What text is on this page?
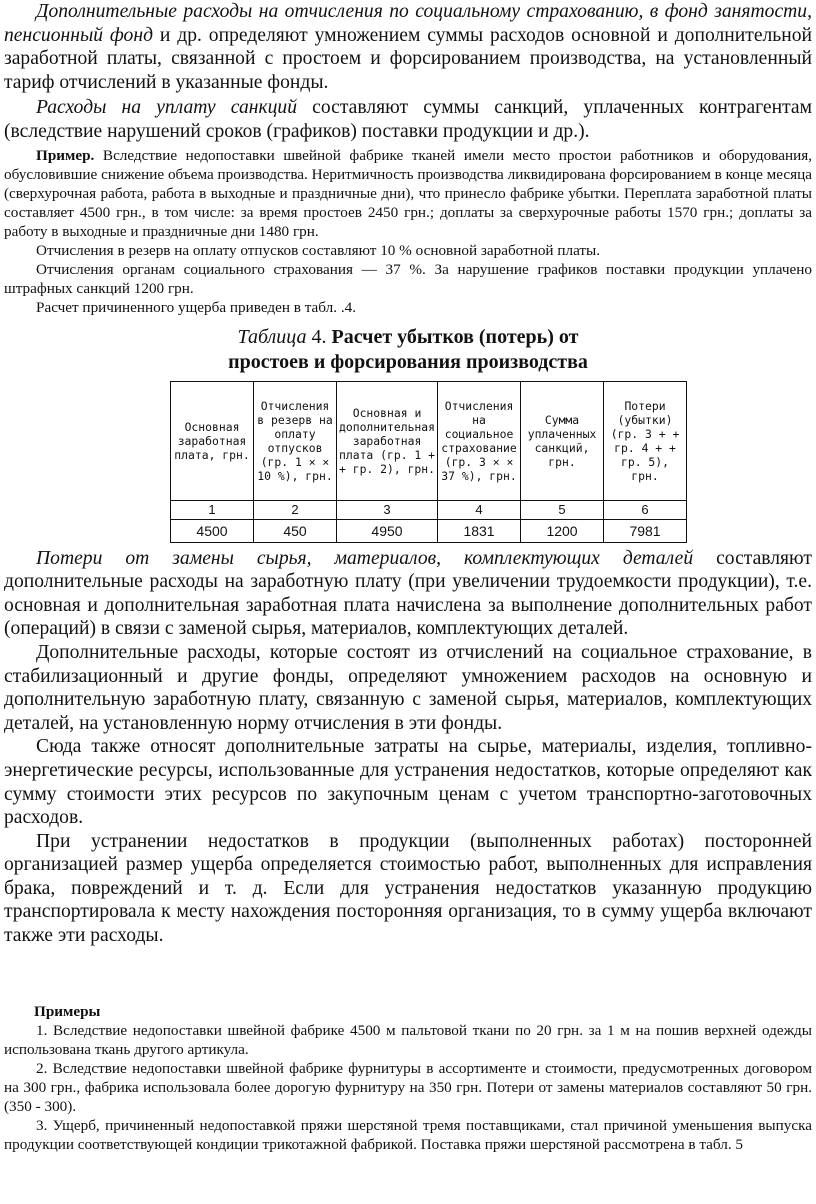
Дополнительные расходы на отчисления по социальному страхованию, в фонд занятости, пенсионный фонд и др. определяют умножением суммы расходов основной и дополнительной заработной платы, связанной с простоем и форсированием производства, на установленный тариф отчислений в указанные фонды.

Расходы на уплату санкций составляют суммы санкций, уплаченных контрагентам (вследствие нарушений сроков (графиков) поставки продукции и др.).

Пример. Вследствие недопоставки швейной фабрике тканей имели место простои работников и оборудования, обусловившие снижение объема производства. Неритмичность производства ликвидирована форсированием в конце месяца (сверхурочная работа, работа в выходные и праздничные дни), что принесло фабрике убытки. Переплата заработной платы составляет 4500 грн., в том числе: за время простоев 2450 грн.; доплаты за сверхурочные работы 1570 грн.; доплаты за работу в выходные и праздничные дни 1480 грн.

Отчисления в резерв на оплату отпусков составляют 10 % основной заработной платы.

Отчисления органам социального страхования — 37 %. За нарушение графиков поставки продукции уплачено штрафных санкций 1200 грн.

Расчет причиненного ущерба приведен в табл. .4.

Таблица 4. Расчет убытков (потерь) от
простоев и форсирования производства

Основная заработная плата, грн.	Отчисления в резерв на оплату отпусков (гр. 1 × × 10 %), грн.	Основная и дополнительная заработная плата (гр. 1 + + гр. 2), грн.	Отчисления на социальное страхование (гр. 3 × × 37 %), грн.	Сумма уплаченных санкций, грн.	Потери (убытки) (гр. 3 + + гр. 4 + + гр. 5), грн.
1	2	3	4	5	6
4500	450	4950	1831	1200	7981

Потери от замены сырья, материалов, комплектующих деталей составляют дополнительные расходы на заработную плату (при увеличении трудоемкости продукции), т.е. основная и дополнительная заработная плата начислена за выполнение дополнительных работ (операций) в связи с заменой сырья, материалов, комплектующих деталей.

Дополнительные расходы, которые состоят из отчислений на социальное страхование, в стабилизационный и другие фонды, определяют умножением расходов на основную и дополнительную заработную плату, связанную с заменой сырья, материалов, комплектующих деталей, на установленную норму отчисления в эти фонды.

Сюда также относят дополнительные затраты на сырье, материалы, изделия, топливно-энергетические ресурсы, использованные для устранения недостатков, которые определяют как сумму стоимости этих ресурсов по закупочным ценам с учетом транспортно-заготовочных расходов.

При устранении недостатков в продукции (выполненных работах) посторонней организацией размер ущерба определяется стоимостью работ, выполненных для исправления брака, повреждений и т. д. Если для устранения недостатков указанную продукцию транспортировала к месту нахождения посторонняя организация, то в сумму ущерба включают также эти расходы.

Примеры

1. Вследствие недопоставки швейной фабрике 4500 м пальтовой ткани по 20 грн. за 1 м на пошив верхней одежды использована ткань другого артикула.

2. Вследствие недопоставки швейной фабрике фурнитуры в ассортименте и стоимости, предусмотренных договором на 300 грн., фабрика использовала более дорогую фурнитуру на 350 грн. Потери от замены материалов составляют 50 грн. (350 - 300).

3. Ущерб, причиненный недопоставкой пряжи шерстяной тремя поставщиками, стал причиной уменьшения выпуска продукции соответствующей кондиции трикотажной фабрикой. Поставка пряжи шерстяной рассмотрена в табл. 5
